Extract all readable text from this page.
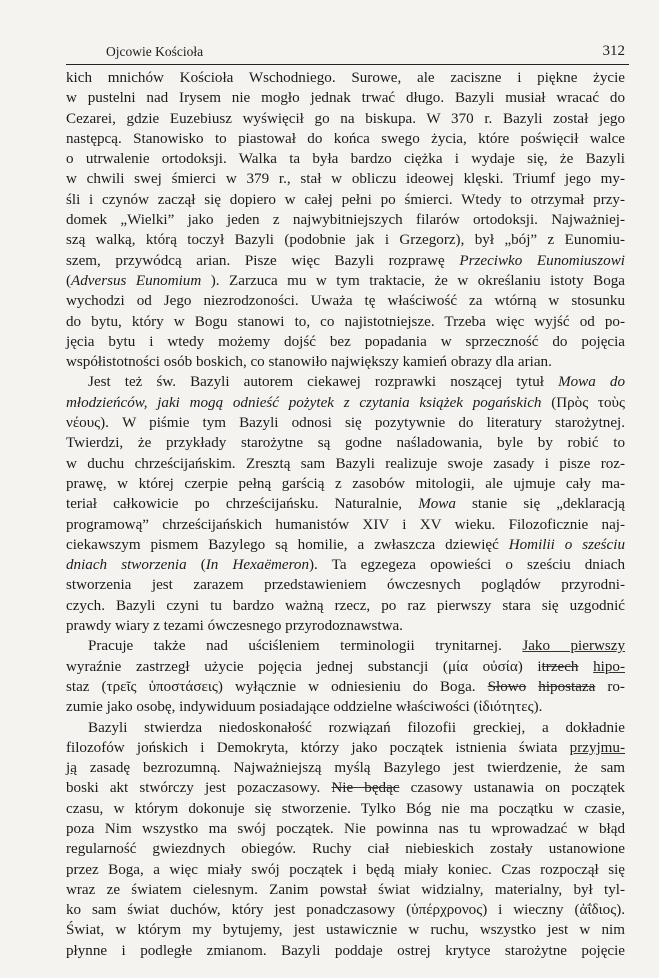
Ojcowie Kościoła	312

kich mnichów Kościoła Wschodniego. Surowe, ale zaciszne i piękne życie

w pustelni nad Irysem nie mogło jednak trwać długo. Bazyli musiał wracać do

Cezarei, gdzie Euzebiusz wyświęcił go na biskupa. W 370 r. Bazyli został jego

następcą. Stanowisko to piastował do końca swego życia, które poświęcił walce

o utrwalenie ortodoksji. Walka ta była bardzo ciężka i wydaje się, że Bazyli

w chwili swej śmierci w 379 r., stał w obliczu ideowej klęski. Triumf jego my-

śli i czynów zaczął się dopiero w całej pełni po śmierci. Wtedy to otrzymał przy-

domek „Wielki” jako jeden z najwybitniejszych filarów ortodoksji. Najważniej-

szą walką, którą toczył Bazyli (podobnie jak i Grzegorz), był „bój” z Eunomiu-

szem, przywódcą arian. Pisze więc Bazyli rozprawę Przeciwko Eunomiuszowi

(Adversus Eunomium ). Zarzuca mu w tym traktacie, że w określaniu istoty Boga

wychodzi od Jego niezrodzoności. Uważa tę właściwość za wtórną w stosunku

do bytu, który w Bogu stanowi to, co najistotniejsze. Trzeba więc wyjść od po-

jęcia bytu i wtedy możemy dojść bez popadania w sprzeczność do pojęcia

współistotności osób boskich, co stanowiło największy kamień obrazy dla arian.

Jest też św. Bazyli autorem ciekawej rozprawki noszącej tytuł Mowa do

młodzieńców, jaki mogą odnieść pożytek z czytania książek pogańskich (Πρὸς τοὺς

νέους). W piśmie tym Bazyli odnosi się pozytywnie do literatury starożytnej.

Twierdzi, że przykłady starożytne są godne naśladowania, byle by robić to

w duchu chrześcijańskim. Zresztą sam Bazyli realizuje swoje zasady i pisze roz-

prawę, w której czerpie pełną garścią z zasobów mitologii, ale ujmuje cały ma-

teriał całkowicie po chrześcijańsku. Naturalnie, Mowa stanie się „deklaracją

programową” chrześcijańskich humanistów XIV i XV wieku. Filozoficznie naj-

ciekawszym pismem Bazylego są homilie, a zwłaszcza dziewięć Homilii o sześciu

dniach stworzenia (In Hexaëmeron). Ta egzegeza opowieści o sześciu dniach

stworzenia jest zarazem przedstawieniem ówczesnych poglądów przyrodni-

czych. Bazyli czyni tu bardzo ważną rzecz, po raz pierwszy stara się uzgodnić

prawdy wiary z tezami ówczesnego przyrodoznawstwa.

Pracuje także nad uściśleniem terminologii trynitarnej. Jako pierwszy

wyraźnie zastrzegł użycie pojęcia jednej substancji (μία οὐσία) itrzech hipo-

staz (τρεῖς ὑποστάσεις) wyłącznie w odniesieniu do Boga. Słowo hipostaza ro-

zumie jako osobę, indywiduum posiadające oddzielne właściwości (ἰδιότητες).

Bazyli stwierdza niedoskonałość rozwiązań filozofii greckiej, a dokładnie

filozofów jońskich i Demokryta, którzy jako początek istnienia świata przyjmu-

ją zasadę bezrozumną. Najważniejszą myślą Bazylego jest twierdzenie, że sam

boski akt stwórczy jest pozaczasowy. Nie będąc czasowy ustanawia on początek

czasu, w którym dokonuje się stworzenie. Tylko Bóg nie ma początku w czasie,

poza Nim wszystko ma swój początek. Nie powinna nas tu wprowadzać w błąd

regularność gwiezdnych obiegów. Ruchy ciał niebieskich zostały ustanowione

przez Boga, a więc miały swój początek i będą miały koniec. Czas rozpoczął się

wraz ze światem cielesnym. Zanim powstał świat widzialny, materialny, był tyl-

ko sam świat duchów, który jest ponadczasowy (ὑπέρχρονος) i wieczny (ἀΐδιος).

Świat, w którym my bytujemy, jest ustawicznie w ruchu, wszystko jest w nim

płynne i podległe zmianom. Bazyli poddaje ostrej krytyce starożytne pojęcie
